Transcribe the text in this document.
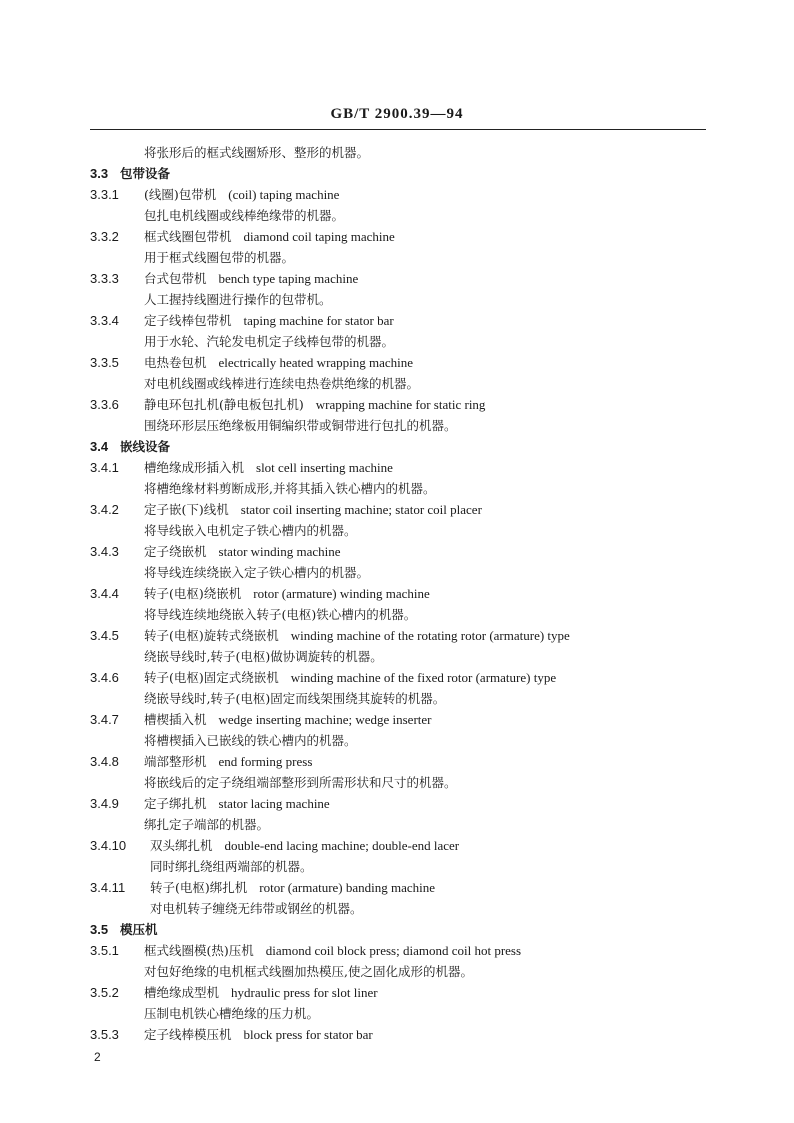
GB/T 2900.39—94
将张形后的框式线圈矫形、整形的机器。
3.3 包带设备
3.3.1 (线圈)包带机 (coil) taping machine
包扎电机线圈或线棒绝缘带的机器。
3.3.2 框式线圈包带机 diamond coil taping machine
用于框式线圈包带的机器。
3.3.3 台式包带机 bench type taping machine
人工握持线圈进行操作的包带机。
3.3.4 定子线棒包带机 taping machine for stator bar
用于水轮、汽轮发电机定子线棒包带的机器。
3.3.5 电热卷包机 electrically heated wrapping machine
对电机线圈或线棒进行连续电热卷烘绝缘的机器。
3.3.6 静电环包扎机(静电板包扎机) wrapping machine for static ring
围绕环形层压绝缘板用铜编织带或铜带进行包扎的机器。
3.4 嵌线设备
3.4.1 槽绝缘成形插入机 slot cell inserting machine
将槽绝缘材料剪断成形,并将其插入铁心槽内的机器。
3.4.2 定子嵌(下)线机 stator coil inserting machine; stator coil placer
将导线嵌入电机定子铁心槽内的机器。
3.4.3 定子绕嵌机 stator winding machine
将导线连续绕嵌入定子铁心槽内的机器。
3.4.4 转子(电枢)绕嵌机 rotor (armature) winding machine
将导线连续地绕嵌入转子(电枢)铁心槽内的机器。
3.4.5 转子(电枢)旋转式绕嵌机 winding machine of the rotating rotor (armature) type
绕嵌导线时,转子(电枢)做协调旋转的机器。
3.4.6 转子(电枢)固定式绕嵌机 winding machine of the fixed rotor (armature) type
绕嵌导线时,转子(电枢)固定而线架围绕其旋转的机器。
3.4.7 槽楔插入机 wedge inserting machine; wedge inserter
将槽楔插入已嵌线的铁心槽内的机器。
3.4.8 端部整形机 end forming press
将嵌线后的定子绕组端部整形到所需形状和尺寸的机器。
3.4.9 定子绑扎机 stator lacing machine
绑扎定子端部的机器。
3.4.10 双头绑扎机 double-end lacing machine; double-end lacer
同时绑扎绕组两端部的机器。
3.4.11 转子(电枢)绑扎机 rotor (armature) banding machine
对电机转子缠绕无纬带或钢丝的机器。
3.5 模压机
3.5.1 框式线圈模(热)压机 diamond coil block press; diamond coil hot press
对包好绝缘的电机框式线圈加热模压,使之固化成形的机器。
3.5.2 槽绝缘成型机 hydraulic press for slot liner
压制电机铁心槽绝缘的压力机。
3.5.3 定子线棒模压机 block press for stator bar
2
